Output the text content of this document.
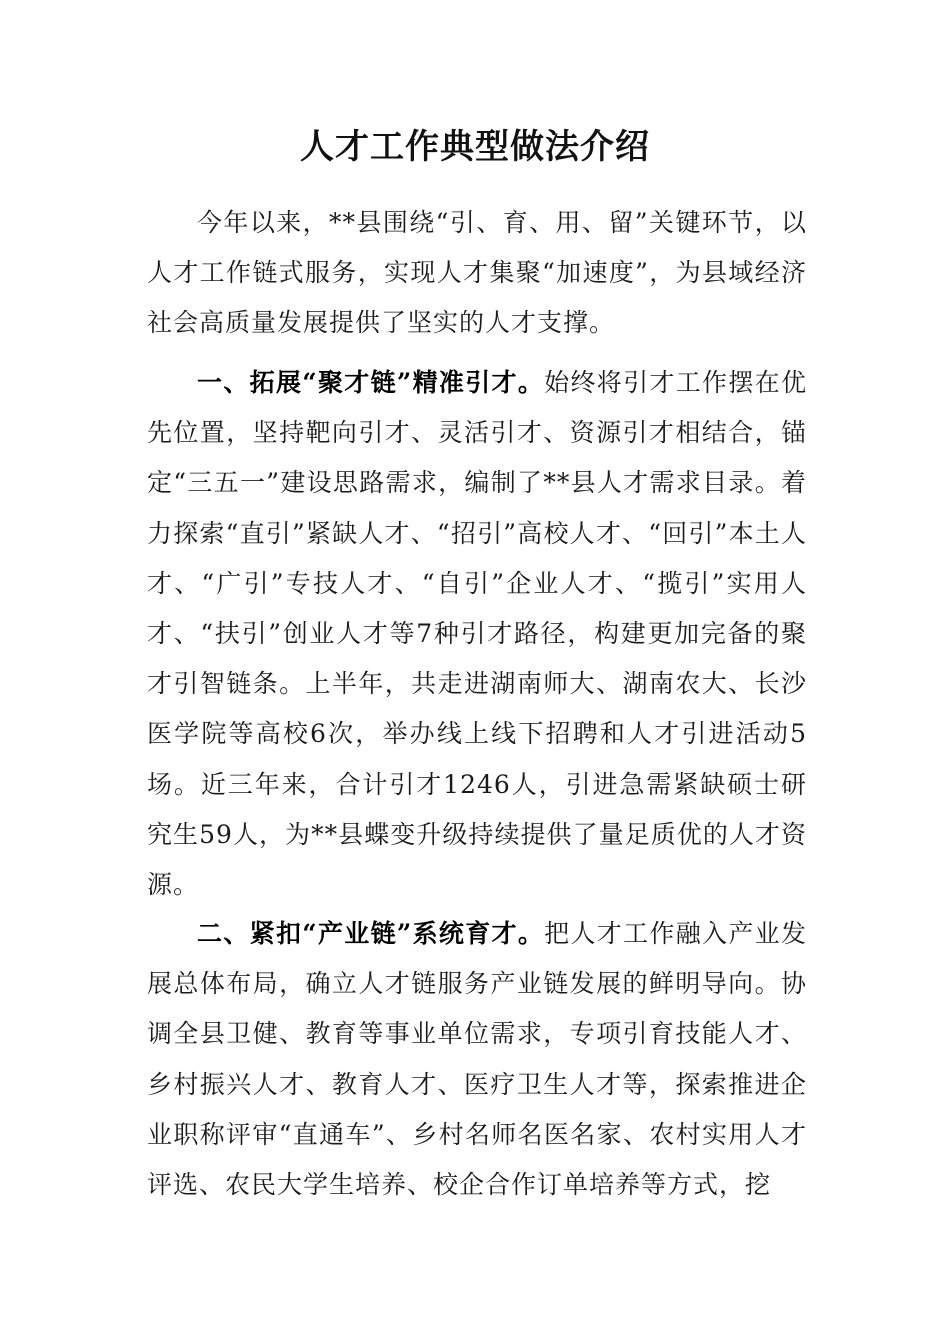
人才工作典型做法介绍

今年以来，**县围绕“引、育、用、留”关键环节，以人才工作链式服务，实现人才集聚“加速度”，为县域经济社会高质量发展提供了坚实的人才支撑。

一、拓展“聚才链”精准引才。始终将引才工作摆在优先位置，坚持靶向引才、灵活引才、资源引才相结合，锚定“三五一”建设思路需求，编制了**县人才需求目录。着力探索“直引”紧缺人才、“招引”高校人才、“回引”本土人才、“广引”专技人才、“自引”企业人才、“揽引”实用人才、“扶引”创业人才等7种引才路径，构建更加完备的聚才引智链条。上半年，共走进湖南师大、湖南农大、长沙医学院等高校6次，举办线上线下招聘和人才引进活动5场。近三年来，合计引才1246人，引进急需紧缺硕士研究生59人，为**县蝶变升级持续提供了量足质优的人才资源。

二、紧扣“产业链”系统育才。把人才工作融入产业发展总体布局，确立人才链服务产业链发展的鲜明导向。协调全县卫健、教育等事业单位需求，专项引育技能人才、乡村振兴人才、教育人才、医疗卫生人才等，探索推进企业职称评审“直通车”、乡村名师名医名家、农村实用人才评选、农民大学生培养、校企合作订单培养等方式，挖
